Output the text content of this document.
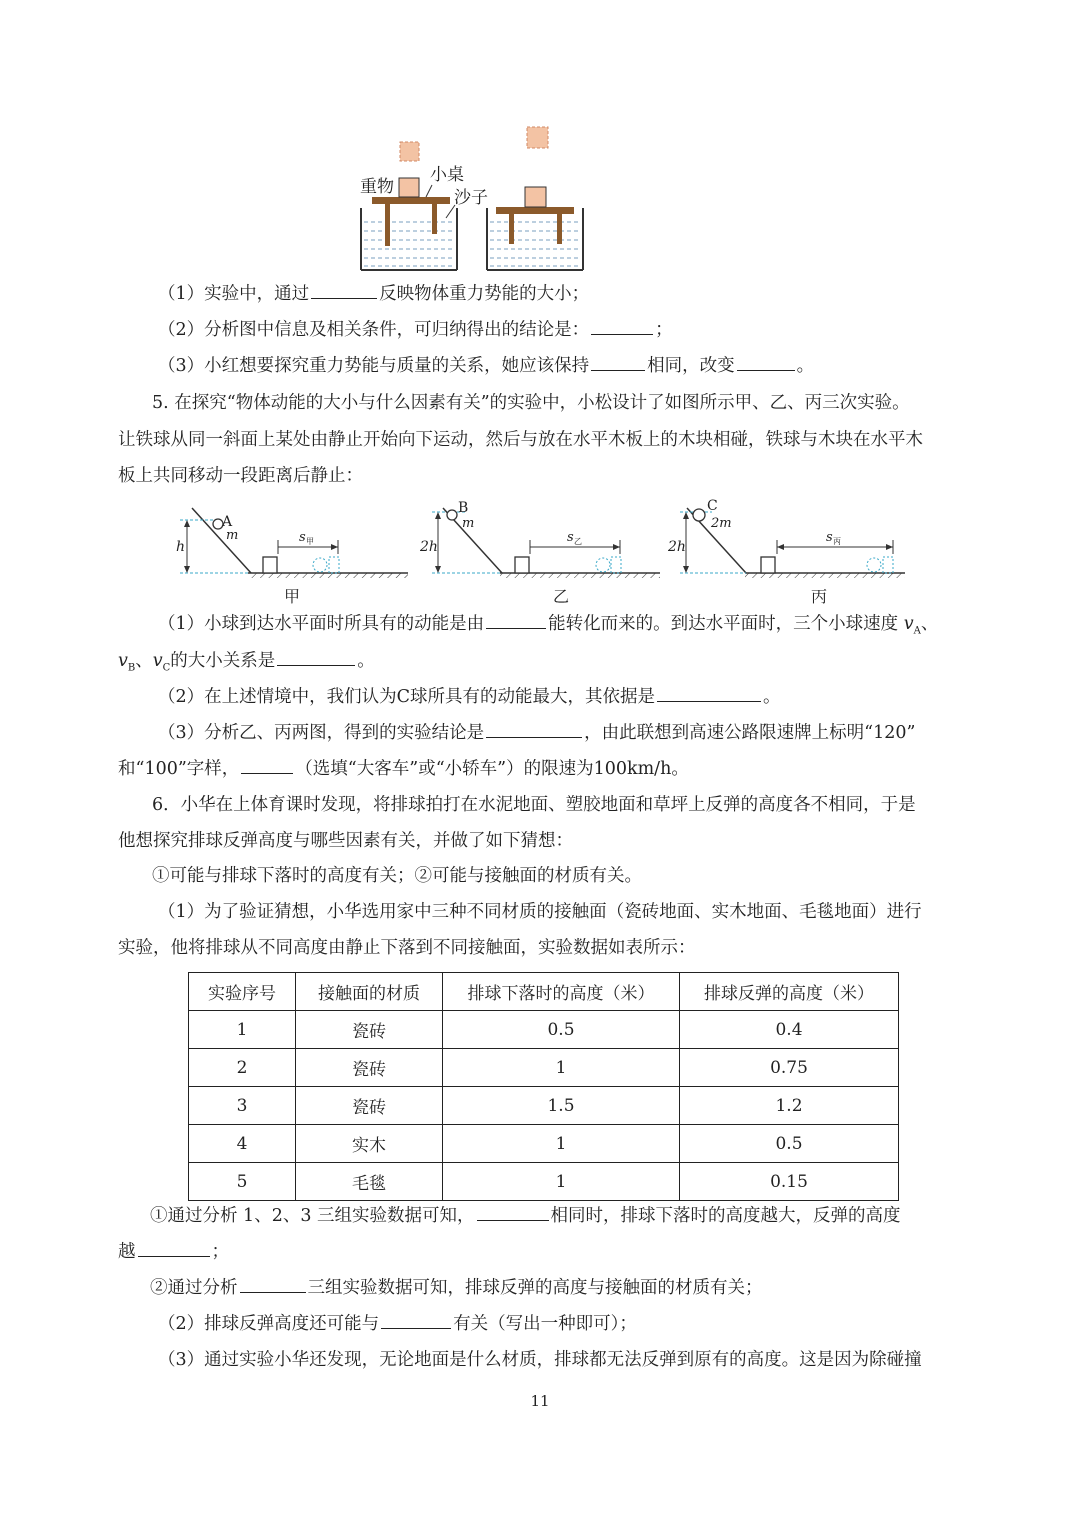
重物
小桌
沙子
（1）实验中，通过	反映物体重力势能的大小；
（2）分析图中信息及相关条件，可归纳得出的结论是：	；
（3）小红想要探究重力势能与质量的关系，她应该保持	相同，改变	。
5. 在探究“物体动能的大小与什么因素有关”的实验中，小松设计了如图所示甲、乙、丙三次实验。
让铁球从同一斜面上某处由静止开始向下运动，然后与放在水平木板上的木块相碰，铁球与木块在水平木
板上共同移动一段距离后静止：
A
m
h
s 甲
B
m
2h
s 乙
C
2m
2h
s 丙
甲	乙	丙
（1）小球到达水平面时所具有的动能是由	能转化而来的。到达水平面时，三个小球速度 $v_A$、
$v_B$、$v_C$的大小关系是	。
（2）在上述情境中，我们认为C球所具有的动能最大，其依据是	。
（3）分析乙、丙两图，得到的实验结论是	，由此联想到高速公路限速牌上标明“120”
和“100”字样，	（选填“大客车”或“小轿车”）的限速为100km/h。
6．小华在上体育课时发现，将排球拍打在水泥地面、塑胶地面和草坪上反弹的高度各不相同，于是
他想探究排球反弹高度与哪些因素有关，并做了如下猜想：
①可能与排球下落时的高度有关；②可能与接触面的材质有关。
（1）为了验证猜想，小华选用家中三种不同材质的接触面（瓷砖地面、实木地面、毛毯地面）进行
实验，他将排球从不同高度由静止下落到不同接触面，实验数据如表所示：
实验序号	接触面的材质	排球下落时的高度（米）	排球反弹的高度（米）
1	瓷砖	0.5	0.4
2	瓷砖	1	0.75
3	瓷砖	1.5	1.2
4	实木	1	0.5
5	毛毯	1	0.15
①通过分析 1、2、3 三组实验数据可知，	相同时，排球下落时的高度越大，反弹的高度
越	；
②通过分析	三组实验数据可知，排球反弹的高度与接触面的材质有关；
（2）排球反弹高度还可能与	有关（写出一种即可）；
（3）通过实验小华还发现，无论地面是什么材质，排球都无法反弹到原有的高度。这是因为除碰撞
11
